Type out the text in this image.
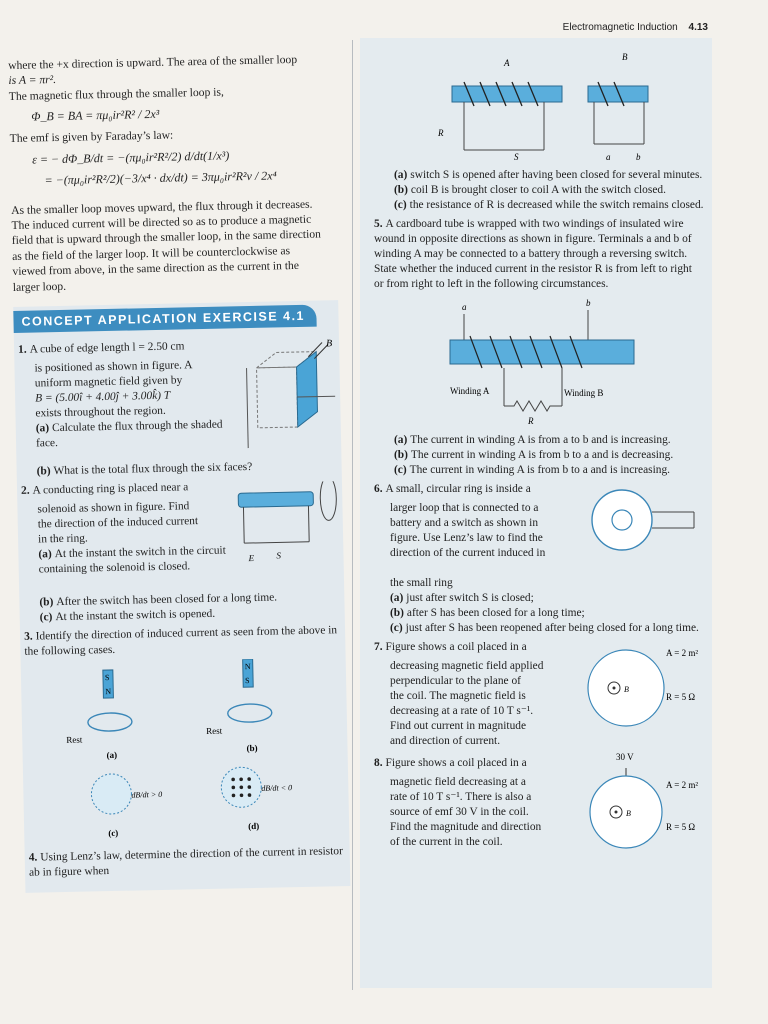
Electromagnetic Induction 4.13

where the +x direction is upward. The area of the smaller loop

is A = πr².

The magnetic flux through the smaller loop is,

Φ_B = BA = πμ₀ir²R² / 2x³

The emf is given by Faraday’s law:

ε = − dΦ_B/dt = −(πμ₀ir²R²/2) d/dt(1/x³)
= −(πμ₀ir²R²/2)(−3/x⁴ · dx/dt) = 3πμ₀ir²R²v / 2x⁴

As the smaller loop moves upward, the flux through it decreases.

The induced current will be directed so as to produce a magnetic

field that is upward through the smaller loop, in the same direction

as the field of the larger loop. It will be counterclockwise as

viewed from above, in the same direction as the current in the

larger loop.

CONCEPT APPLICATION EXERCISE 4.1
1. A cube of edge length l = 2.50 cm
is positioned as shown in figure. A
uniform magnetic field given by
B = (5.00î + 4.00ĵ + 3.00k̂) T
exists throughout the region.
(a) Calculate the flux through the shaded face.
B
(b) What is the total flux through the six faces?
2. A conducting ring is placed near a
solenoid as shown in figure. Find
the direction of the induced current
in the ring.
(a) At the instant the switch in the circuit containing the solenoid is closed.
E S
(b) After the switch has been closed for a long time.
(c) At the instant the switch is opened.
3. Identify the direction of induced current as seen from the above in the following cases.
S
N
Rest
(a)
N
S
Rest
(b)
dB/dt > 0
(c)
dB/dt < 0
(d)
4. Using Lenz’s law, determine the direction of the current in resistor ab in figure when
A
B
R
S	a	b
(a) switch S is opened after having been closed for several minutes.
(b) coil B is brought closer to coil A with the switch closed.
(c) the resistance of R is decreased while the switch remains closed.
5. A cardboard tube is wrapped with two windings of insulated wire wound in opposite directions as shown in figure. Terminals a and b of winding A may be connected to a battery through a reversing switch. State whether the induced current in the resistor R is from left to right or from right to left in the following circumstances.
a	b
Winding A	Winding B
R
(a) The current in winding A is from a to b and is increasing.
(b) The current in winding A is from b to a and is decreasing.
(c) The current in winding A is from b to a and is increasing.
6. A small, circular ring is inside a
larger loop that is connected to a
battery and a switch as shown in
figure. Use Lenz’s law to find the
direction of the current induced in
the small ring
(a) just after switch S is closed;
(b) after S has been closed for a long time;
(c) just after S has been reopened after being closed for a long time.
7. Figure shows a coil placed in a
decreasing magnetic field applied
perpendicular to the plane of
the coil. The magnetic field is
decreasing at a rate of 10 T s⁻¹.
Find out current in magnitude
and direction of current.
B
A = 2 m²
R = 5 Ω
8. Figure shows a coil placed in a
magnetic field decreasing at a
rate of 10 T s⁻¹. There is also a
source of emf 30 V in the coil.
Find the magnitude and direction
of the current in the coil.
30 V
B
A = 2 m²
R = 5 Ω
